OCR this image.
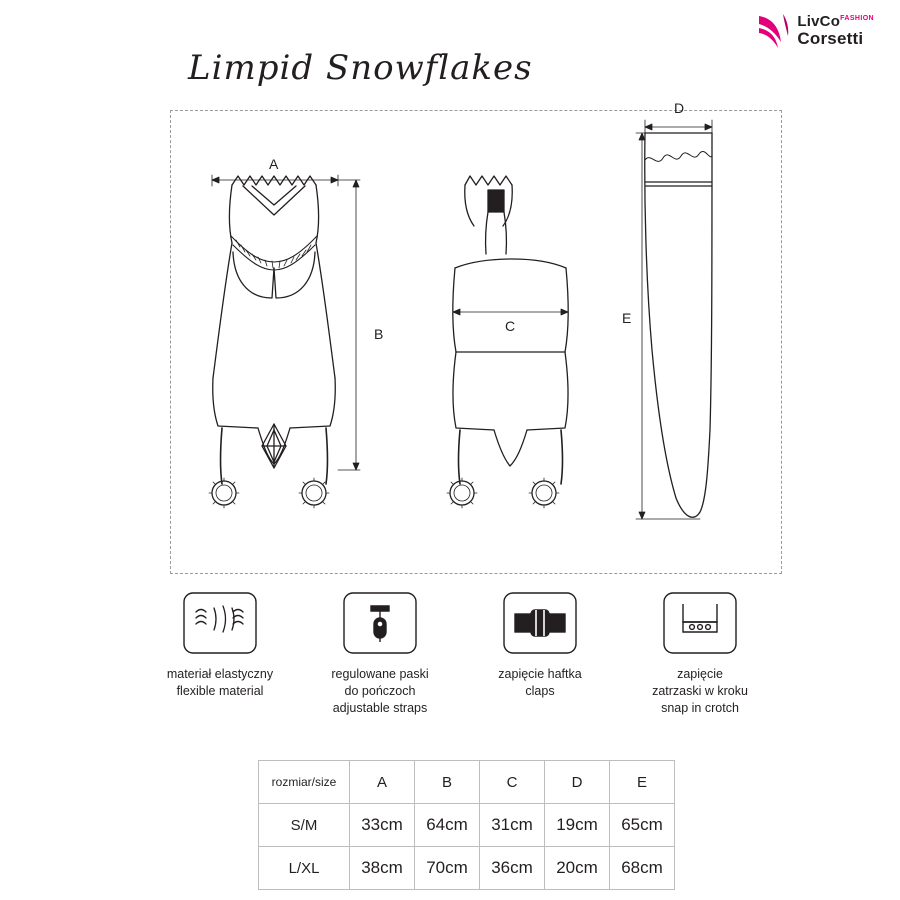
LivCo$^{FASHION}$
Corsetti
Limpid Snowflakes
A
B	C
D
E
materiał elastyczny
flexible material
regulowane paski
do pończoch
adjustable straps
zapięcie haftka
claps
zapięcie
zatrzaski w kroku
snap in crotch
rozmiar/size	A	B	C	D	E
S/M	33cm	64cm	31cm	19cm	65cm
L/XL	38cm	70cm	36cm	20cm	68cm
